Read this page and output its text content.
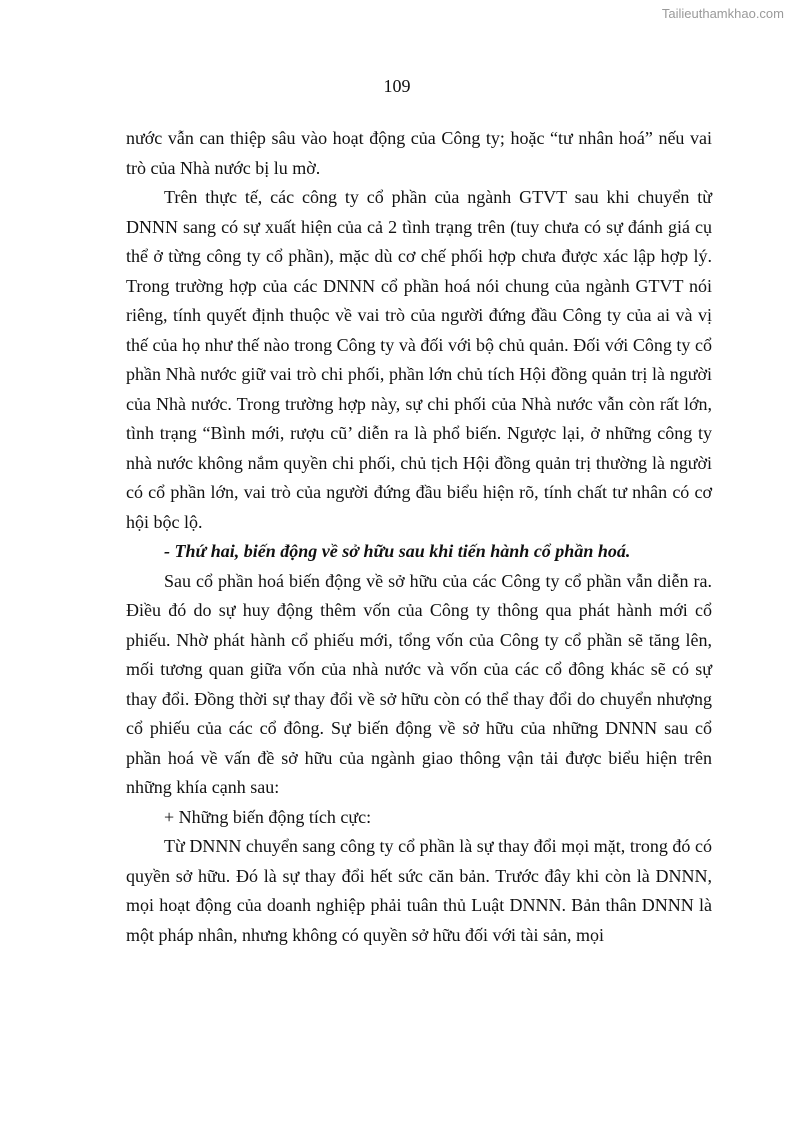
Tailieuthamkhao.com
109

nước vẫn can thiệp sâu vào hoạt động của Công ty; hoặc “tư nhân hoá” nếu vai trò của Nhà nước bị lu mờ.

Trên thực tế, các công ty cổ phần của ngành GTVT sau khi chuyển từ DNNN sang có sự xuất hiện của cả 2 tình trạng trên (tuy chưa có sự đánh giá cụ thể ở từng công ty cổ phần), mặc dù cơ chế phối hợp chưa được xác lập hợp lý. Trong trường hợp của các DNNN cổ phần hoá nói chung của ngành GTVT nói riêng, tính quyết định thuộc về vai trò của người đứng đầu Công ty của ai và vị thế của họ như thế nào trong Công ty và đối với bộ chủ quản. Đối với Công ty cổ phần Nhà nước giữ vai trò chi phối, phần lớn chủ tích Hội đồng quản trị là người của Nhà nước. Trong trường hợp này, sự chi phối của Nhà nước vẫn còn rất lớn, tình trạng “Bình mới, rượu cũ’ diễn ra là phổ biến. Ngược lại, ở những công ty nhà nước không nắm quyền chi phối, chủ tịch Hội đồng quản trị thường là người có cổ phần lớn, vai trò của người đứng đầu biểu hiện rõ, tính chất tư nhân có cơ hội bộc lộ.

- Thứ hai, biến động về sở hữu sau khi tiến hành cổ phần hoá.

Sau cổ phần hoá biến động về sở hữu của các Công ty cổ phần vẫn diễn ra. Điều đó do sự huy động thêm vốn của Công ty thông qua phát hành mới cổ phiếu. Nhờ phát hành cổ phiếu mới, tổng vốn của Công ty cổ phần sẽ tăng lên, mối tương quan giữa vốn của nhà nước và vốn của các cổ đông khác sẽ có sự thay đổi. Đồng thời sự thay đổi về sở hữu còn có thể thay đổi do chuyển nhượng cổ phiếu của các cổ đông. Sự biến động về sở hữu của những DNNN sau cổ phần hoá về vấn đề sở hữu của ngành giao thông vận tải được biểu hiện trên những khía cạnh sau:

+ Những biến động tích cực:

Từ DNNN chuyển sang công ty cổ phần là sự thay đổi mọi mặt, trong đó có quyền sở hữu. Đó là sự thay đổi hết sức căn bản. Trước đây khi còn là DNNN, mọi hoạt động của doanh nghiệp phải tuân thủ Luật DNNN. Bản thân DNNN là một pháp nhân, nhưng không có quyền sở hữu đối với tài sản, mọi
